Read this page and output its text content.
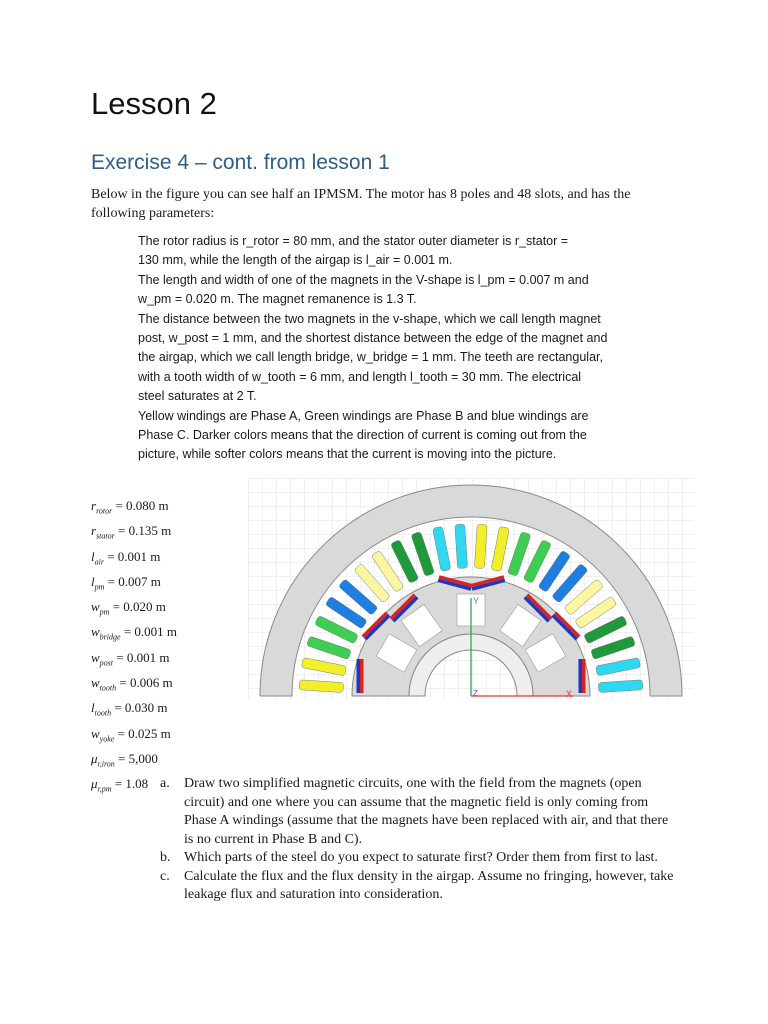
Lesson 2
Exercise 4 – cont. from lesson 1

Below in the figure you can see half an IPMSM. The motor has 8 poles and 48 slots, and has the following parameters:

The rotor radius is r_rotor = 80 mm, and the stator outer diameter is r_stator =
130 mm, while the length of the airgap is l_air = 0.001 m.
The length and width of one of the magnets in the V-shape is l_pm = 0.007 m and
w_pm = 0.020 m. The magnet remanence is 1.3 T.
The distance between the two magnets in the v-shape, which we call length magnet
post, w_post = 1 mm, and the shortest distance between the edge of the magnet and
the airgap, which we call length bridge, w_bridge = 1 mm. The teeth are rectangular,
with a tooth width of w_tooth = 6 mm, and length l_tooth = 30 mm. The electrical
steel saturates at 2 T.
Yellow windings are Phase A, Green windings are Phase B and blue windings are
Phase C. Darker colors means that the direction of current is coming out from the
picture, while softer colors means that the current is moving into the picture.
$r_{rotor} = 0.080$ m
$r_{stator} = 0.135$ m
$l_{air} = 0.001$ m
$l_{pm} = 0.007$ m
$w_{pm} = 0.020$ m
$w_{bridge} = 0.001$ m
$w_{post} = 0.001$ m
$w_{tooth} = 0.006$ m
$l_{tooth} = 0.030$ m
$w_{yoke} = 0.025$ m
$\mu_{r,iron} = 5,000$
$\mu_{r,pm} = 1.08$
Y
X
Z
a. Draw two simplified magnetic circuits, one with the field from the magnets (open circuit) and one where you can assume that the magnetic field is only coming from Phase A windings (assume that the magnets have been replaced with air, and that there is no current in Phase B and C).
b. Which parts of the steel do you expect to saturate first? Order them from first to last.
c. Calculate the flux and the flux density in the airgap. Assume no fringing, however, take leakage flux and saturation into consideration.
